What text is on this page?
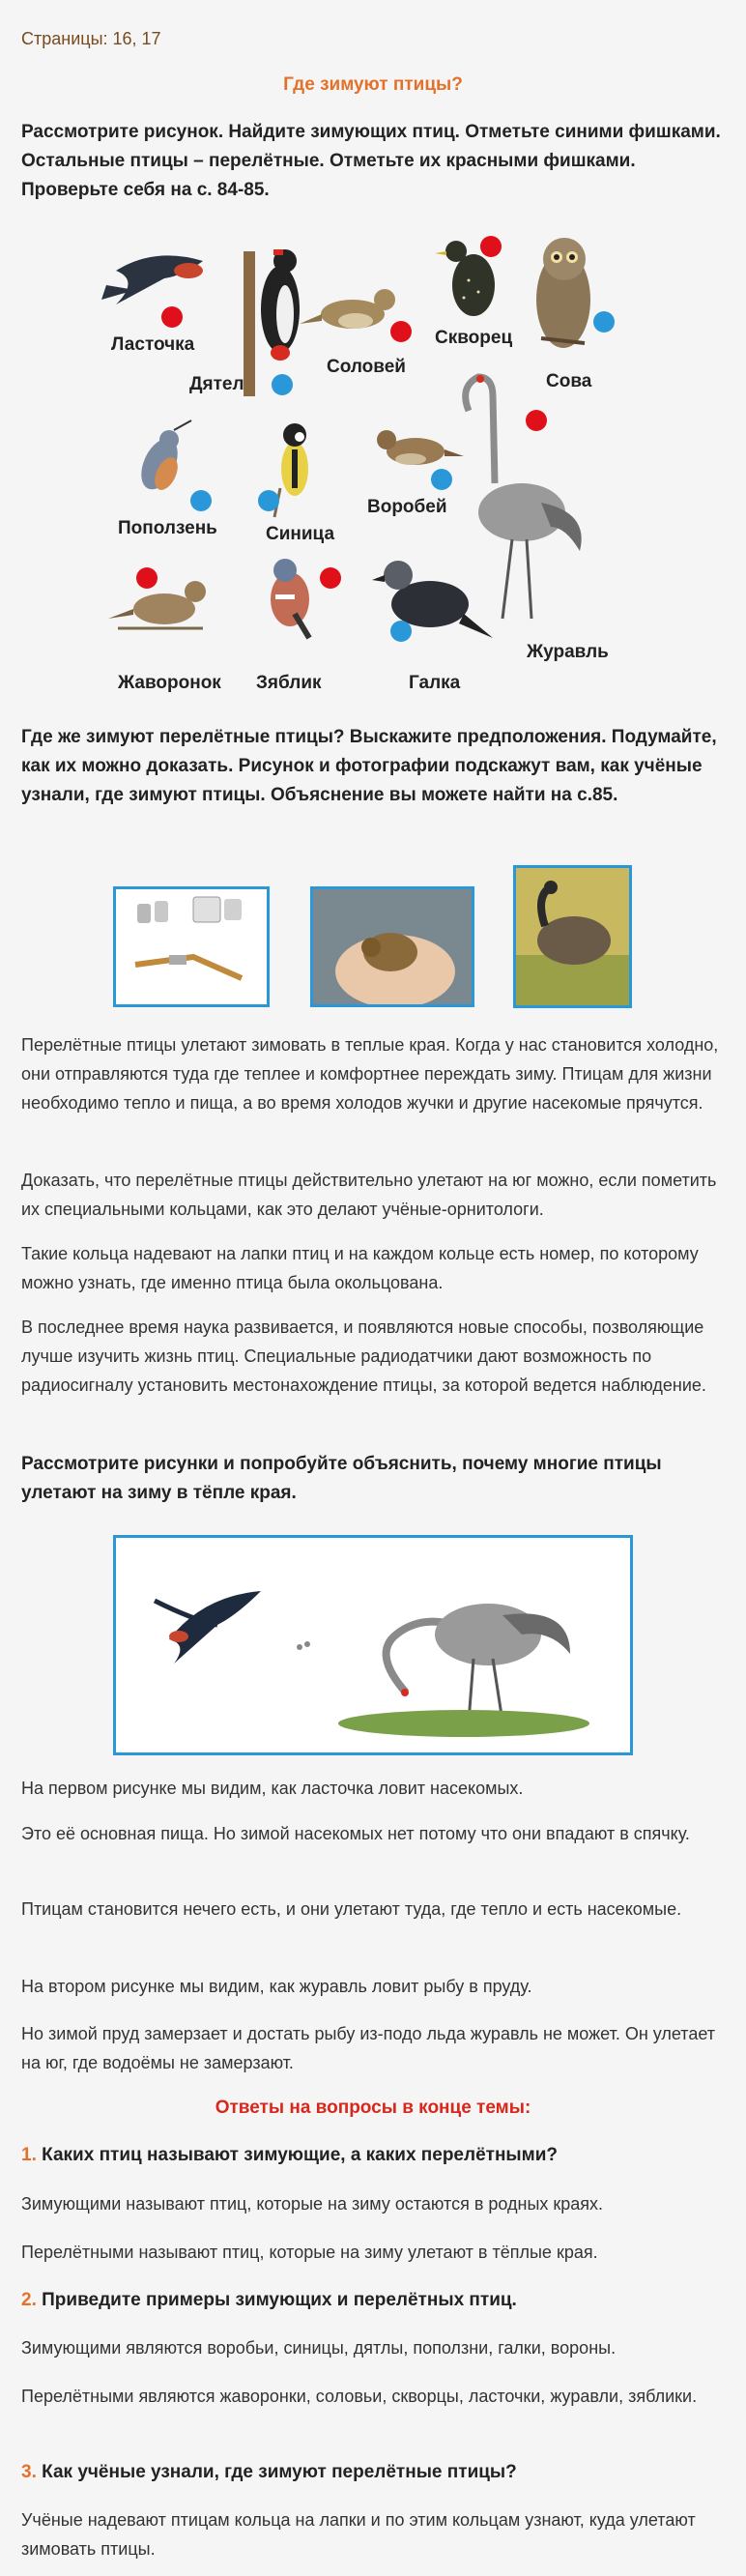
Страницы: 16, 17
Где зимуют птицы?
Рассмотрите рисунок. Найдите зимующих птиц. Отметьте синими фишками. Остальные птицы – перелётные. Отметьте их красными фишками. Проверьте себя на с. 84-85.
Ласточка
Дятел
Соловей
Скворец
Сова
Поползень	Синица
Воробей
Журавль
Жаворонок Зяблик	Галка
Где же зимуют перелётные птицы? Выскажите предположения. Подумайте, как их можно доказать. Рисунок и фотографии подскажут вам, как учёные узнали, где зимуют птицы. Объяснение вы можете найти на с.85.
Перелётные птицы улетают зимовать в теплые края. Когда у нас становится холодно, они отправляются туда где теплее и комфортнее переждать зиму. Птицам для жизни необходимо тепло и пища, а во время холодов жучки и другие насекомые прячутся.
Доказать, что перелётные птицы действительно улетают на юг можно, если пометить их специальными кольцами, как это делают учёные-орнитологи.
Такие кольца надевают на лапки птиц и на каждом кольце есть номер, по которому можно узнать, где именно птица была окольцована.
В последнее время наука развивается, и появляются новые способы, позволяющие лучше изучить жизнь птиц. Специальные радиодатчики дают возможность по радиосигналу установить местонахождение птицы, за которой ведется наблюдение.
Рассмотрите рисунки и попробуйте объяснить, почему многие птицы улетают на зиму в тёпле края.
На первом рисунке мы видим, как ласточка ловит насекомых.
Это её основная пища. Но зимой насекомых нет потому что они впадают в спячку.
Птицам становится нечего есть, и они улетают туда, где тепло и есть насекомые.
На втором рисунке мы видим, как журавль ловит рыбу в пруду.
Но зимой пруд замерзает и достать рыбу из-подо льда журавль не может. Он улетает на юг, где водоёмы не замерзают.
Ответы на вопросы в конце темы:
1. Каких птиц называют зимующие, а каких перелётными?
Зимующими называют птиц, которые на зиму остаются в родных краях.
Перелётными называют птиц, которые на зиму улетают в тёплые края.
2. Приведите примеры зимующих и перелётных птиц.
Зимующими являются воробьи, синицы, дятлы, поползни, галки, вороны.
Перелётными являются жаворонки, соловьи, скворцы, ласточки, журавли, зяблики.
3. Как учёные узнали, где зимуют перелётные птицы?
Учёные надевают птицам кольца на лапки и по этим кольцам узнают, куда улетают зимовать птицы.
